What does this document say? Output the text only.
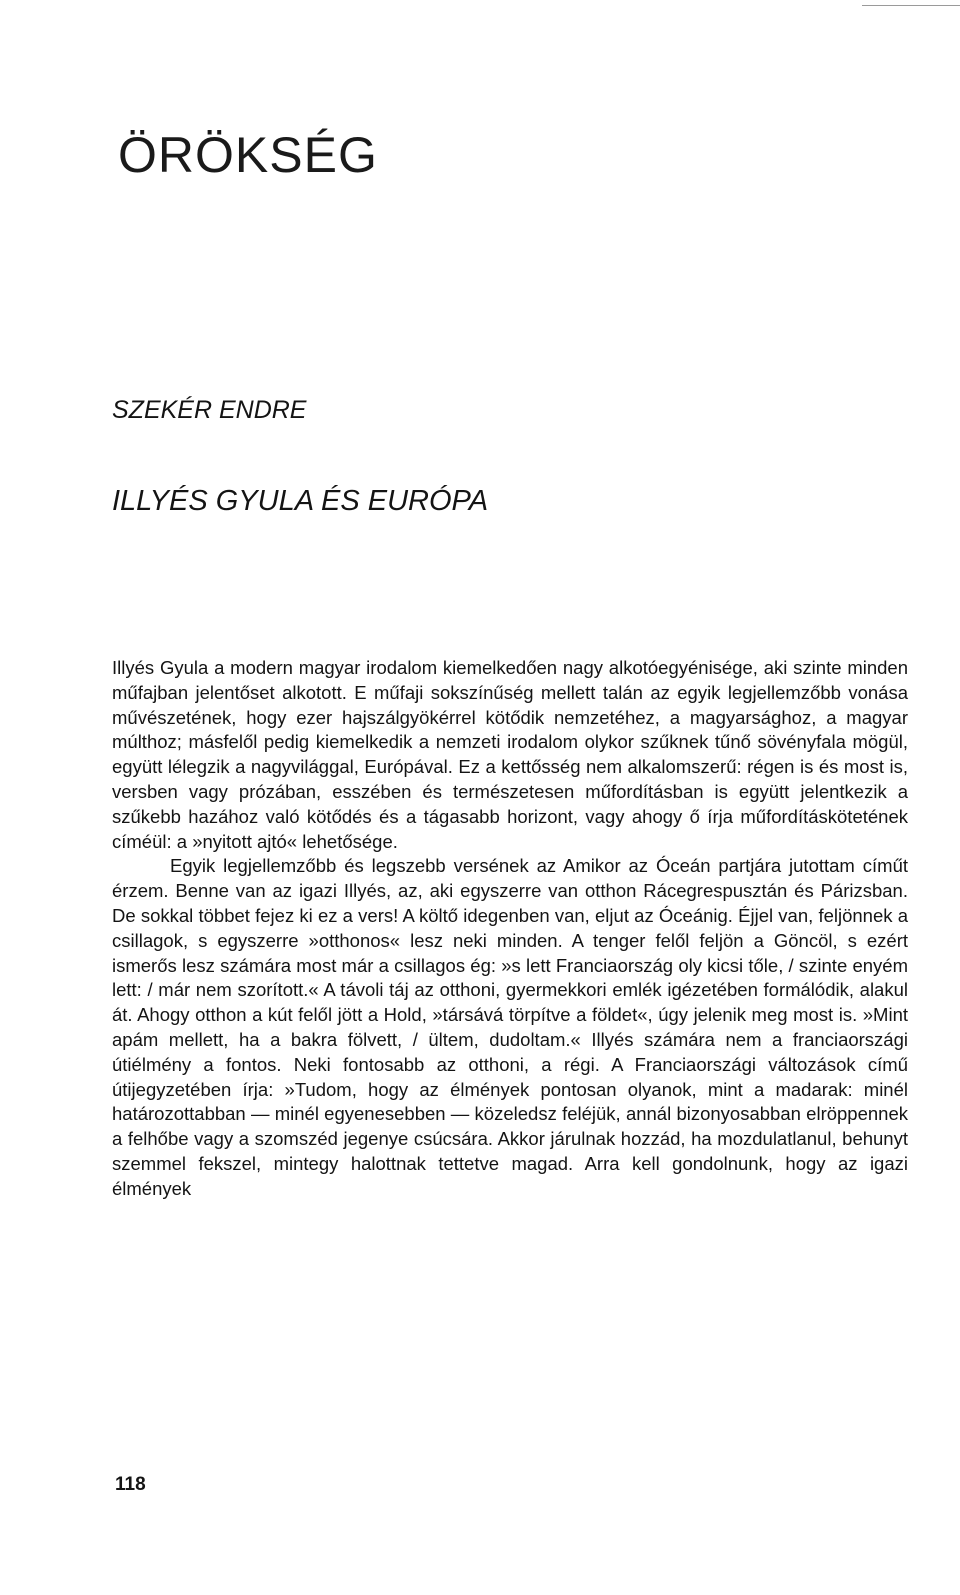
ÖRÖKSÉG
SZEKÉR ENDRE
ILLYÉS GYULA ÉS EURÓPA

Illyés Gyula a modern magyar irodalom kiemelkedően nagy alkotóegyénisége, aki szinte minden műfajban jelentőset alkotott. E műfaji sokszínűség mellett talán az egyik legjellemzőbb vonása művészetének, hogy ezer hajszálgyökérrel kötődik nemzetéhez, a magyarsághoz, a magyar múlthoz; másfelől pedig kiemelkedik a nemzeti irodalom olykor szűknek tűnő sövényfala mögül, együtt lélegzik a nagyvilággal, Európával. Ez a kettősség nem alkalomszerű: régen is és most is, versben vagy prózában, esszében és természetesen műfordításban is együtt jelentkezik a szűkebb hazához való kötődés és a tágasabb horizont, vagy ahogy ő írja műfordításkötetének címéül: a »nyitott ajtó« lehetősége.

Egyik legjellemzőbb és legszebb versének az Amikor az Óceán partjára jutottam címűt érzem. Benne van az igazi Illyés, az, aki egyszerre van otthon Rácegrespusztán és Párizsban. De sokkal többet fejez ki ez a vers! A költő idegenben van, eljut az Óceánig. Éjjel van, feljönnek a csillagok, s egyszerre »otthonos« lesz neki minden. A tenger felől feljön a Göncöl, s ezért ismerős lesz számára most már a csillagos ég: »s lett Franciaország oly kicsi tőle, / szinte enyém lett: / már nem szorított.« A távoli táj az otthoni, gyermekkori emlék igézetében formálódik, alakul át. Ahogy otthon a kút felől jött a Hold, »társává törpítve a földet«, úgy jelenik meg most is. »Mint apám mellett, ha a bakra fölvett, / ültem, dudoltam.« Illyés számára nem a franciaországi útiélmény a fontos. Neki fontosabb az otthoni, a régi. A Franciaországi változások című útijegyzetében írja: »Tudom, hogy az élmények pontosan olyanok, mint a madarak: minél határozottabban — minél egyenesebben — közeledsz feléjük, annál bizonyosabban elröppennek a felhőbe vagy a szomszéd jegenye csúcsára. Akkor járulnak hozzád, ha mozdulatlanul, behunyt szemmel fekszel, mintegy halottnak tettetve magad. Arra kell gondolnunk, hogy az igazi élmények

118
